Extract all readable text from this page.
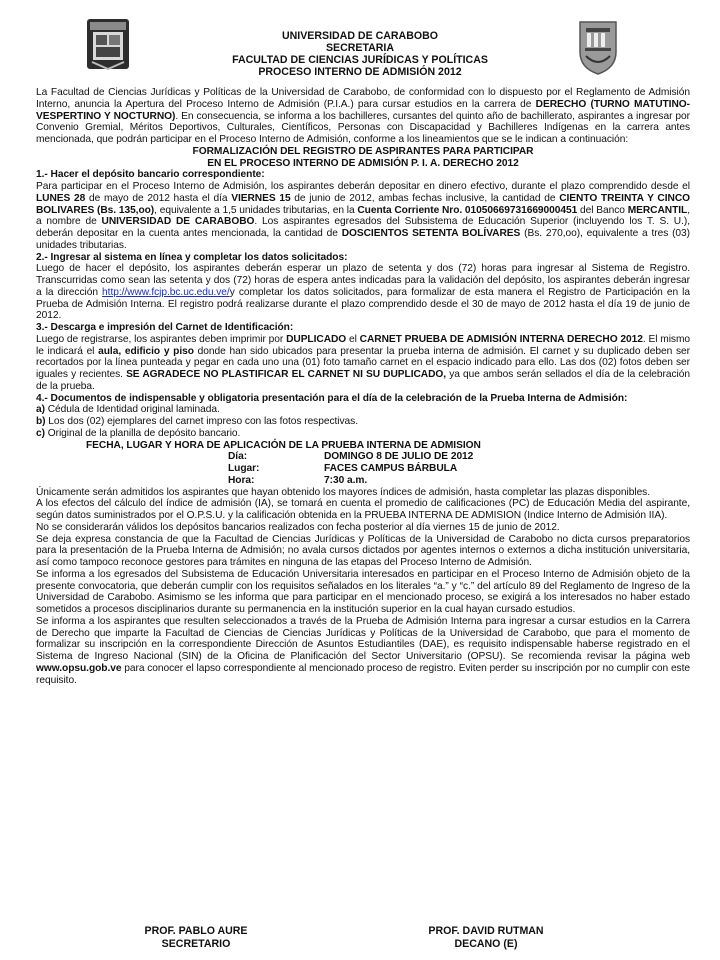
UNIVERSIDAD DE CARABOBO
SECRETARIA
FACULTAD DE CIENCIAS JURÍDICAS Y POLÍTICAS
PROCESO INTERNO DE ADMISIÓN 2012

La Facultad de Ciencias Jurídicas y Políticas de la Universidad de Carabobo, de conformidad con lo dispuesto por el Reglamento de Admisión Interno, anuncia la Apertura del Proceso Interno de Admisión (P.I.A.) para cursar estudios en la carrera de DERECHO (TURNO MATUTINO-VESPERTINO Y NOCTURNO). En consecuencia, se informa a los bachilleres, cursantes del quinto año de bachillerato, aspirantes a ingresar por Convenio Gremial, Méritos Deportivos, Culturales, Científicos, Personas con Discapacidad y Bachilleres Indígenas en la carrera antes mencionada, que podrán participar en el Proceso Interno de Admisión, conforme a los lineamientos que se le indican a continuación:

FORMALIZACIÓN DEL REGISTRO DE ASPIRANTES PARA PARTICIPAR
EN EL PROCESO INTERNO DE ADMISIÓN P. I. A. DERECHO 2012
1.- Hacer el depósito bancario correspondiente:

Para participar en el Proceso Interno de Admisión, los aspirantes deberán depositar en dinero efectivo, durante el plazo comprendido desde el LUNES 28 de mayo de 2012 hasta el día VIERNES 15 de junio de 2012, ambas fechas inclusive, la cantidad de CIENTO TREINTA Y CINCO BOLIVARES (Bs. 135,oo), equivalente a 1,5 unidades tributarias, en la Cuenta Corriente Nro. 01050669731669000451 del Banco MERCANTIL, a nombre de UNIVERSIDAD DE CARABOBO. Los aspirantes egresados del Subsistema de Educación Superior (incluyendo los T. S. U.), deberán depositar en la cuenta antes mencionada, la cantidad de DOSCIENTOS SETENTA BOLÍVARES (Bs. 270,oo), equivalente a tres (03) unidades tributarias.

2.- Ingresar al sistema en línea y completar los datos solicitados:

Luego de hacer el depósito, los aspirantes deberán esperar un plazo de setenta y dos (72) horas para ingresar al Sistema de Registro. Transcurridas como sean las setenta y dos (72) horas de espera antes indicadas para la validación del depósito, los aspirantes deberán ingresar a la dirección http://www.fcjp.bc.uc.edu.ve/y completar los datos solicitados, para formalizar de esta manera el Registro de Participación en la Prueba de Admisión Interna. El registro podrá realizarse durante el plazo comprendido desde el 30 de mayo de 2012 hasta el día 19 de junio de 2012.

3.- Descarga e impresión del Carnet de Identificación:

Luego de registrarse, los aspirantes deben imprimir por DUPLICADO el CARNET PRUEBA DE ADMISIÓN INTERNA DERECHO 2012. El mismo le indicará el aula, edificio y piso donde han sido ubicados para presentar la prueba interna de admisión. El carnet y su duplicado deben ser recortados por la línea punteada y pegar en cada uno una (01) foto tamaño carnet en el espacio indicado para ello. Las dos (02) fotos deben ser iguales y recientes. SE AGRADECE NO PLASTIFICAR EL CARNET NI SU DUPLICADO, ya que ambos serán sellados el día de la celebración de la prueba.

4.- Documentos de indispensable y obligatoria presentación para el día de la celebración de la Prueba Interna de Admisión:
a) Cédula de Identidad original laminada.
b) Los dos (02) ejemplares del carnet impreso con las fotos respectivas.
c) Original de la planilla de depósito bancario.
FECHA, LUGAR Y HORA DE APLICACIÓN DE LA PRUEBA INTERNA DE ADMISION
Día:	DOMINGO 8 DE JULIO DE 2012
Lugar:	FACES CAMPUS BÁRBULA
Hora:	7:30 a.m.

Únicamente serán admitidos los aspirantes que hayan obtenido los mayores índices de admisión, hasta completar las plazas disponibles.

A los efectos del cálculo del índice de admisión (IA), se tomará en cuenta el promedio de calificaciones (PC) de Educación Media del aspirante, según datos suministrados por el O.P.S.U. y la calificación obtenida en la PRUEBA INTERNA DE ADMISION (Indice Interno de Admisión IIA).

No se considerarán válidos los depósitos bancarios realizados con fecha posterior al día viernes 15 de junio de 2012.

Se deja expresa constancia de que la Facultad de Ciencias Jurídicas y Políticas de la Universidad de Carabobo no dicta cursos preparatorios para la presentación de la Prueba Interna de Admisión; no avala cursos dictados por agentes internos o externos a dicha institución universitaria, así como tampoco reconoce gestores para trámites en ninguna de las etapas del Proceso Interno de Admisión.

Se informa a los egresados del Subsistema de Educación Universitaria interesados en participar en el Proceso Interno de Admisión objeto de la presente convocatoria, que deberán cumplir con los requisitos señalados en los literales “a.” y “c.” del artículo 89 del Reglamento de Ingreso de la Universidad de Carabobo. Asimismo se les informa que para participar en el mencionado proceso, se exigirá a los interesados no haber estado sometidos a procesos disciplinarios durante su permanencia en la institución superior en la cual hayan cursado estudios.

Se informa a los aspirantes que resulten seleccionados a través de la Prueba de Admisión Interna para ingresar a cursar estudios en la Carrera de Derecho que imparte la Facultad de Ciencias de Ciencias Jurídicas y Políticas de la Universidad de Carabobo, que para el momento de formalizar su inscripción en la correspondiente Dirección de Asuntos Estudiantiles (DAE), es requisito indispensable haberse registrado en el Sistema de Ingreso Nacional (SIN) de la Oficina de Planificación del Sector Universitario (OPSU). Se recomienda revisar la página web www.opsu.gob.ve para conocer el lapso correspondiente al mencionado proceso de registro. Eviten perder su inscripción por no cumplir con este requisito.

PROF. PABLO AURE
SECRETARIO
PROF. DAVID RUTMAN
DECANO (E)
